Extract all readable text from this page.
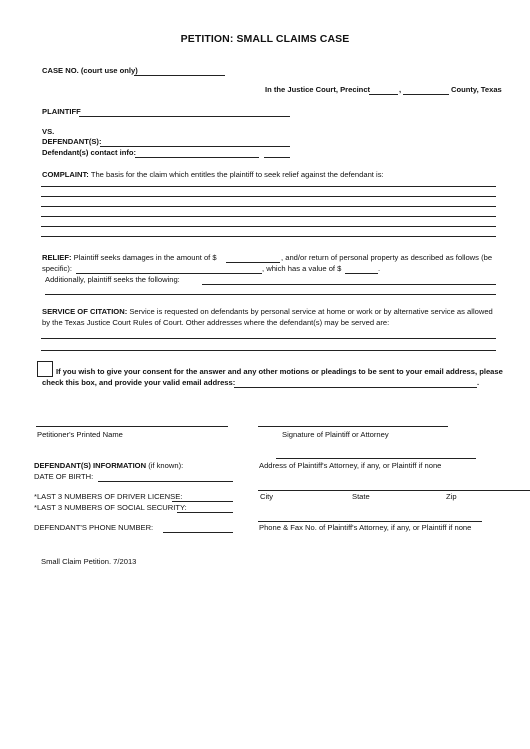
PETITION: SMALL CLAIMS CASE
CASE NO. (court use only)
In the Justice Court, Precinct	,	County, Texas
PLAINTIFF
VS.
DEFENDANT(S):
Defendant(s) contact info:
COMPLAINT: The basis for the claim which entitles the plaintiff to seek relief against the defendant is:
RELIEF: Plaintiff seeks damages in the amount of $	, and/or return of personal property as described as follows (be
specific):	, which has a value of $	.
Additionally, plaintiff seeks the following:
SERVICE OF CITATION: Service is requested on defendants by personal service at home or work or by alternative service as allowed
by the Texas Justice Court Rules of Court. Other addresses where the defendant(s) may be served are:
If you wish to give your consent for the answer and any other motions or pleadings to be sent to your email address, please
check this box, and provide your valid email address:	.
Petitioner's Printed Name	Signature of Plaintiff or Attorney
DEFENDANT(S) INFORMATION (if known):
DATE OF BIRTH:
*LAST 3 NUMBERS OF DRIVER LICENSE:
*LAST 3 NUMBERS OF SOCIAL SECURITY:
DEFENDANT'S PHONE NUMBER:
Address of Plaintiff's Attorney, if any, or Plaintiff if none
City	State	Zip
Phone & Fax No. of Plaintiff's Attorney, if any, or Plaintiff if none
Small Claim Petition. 7/2013
